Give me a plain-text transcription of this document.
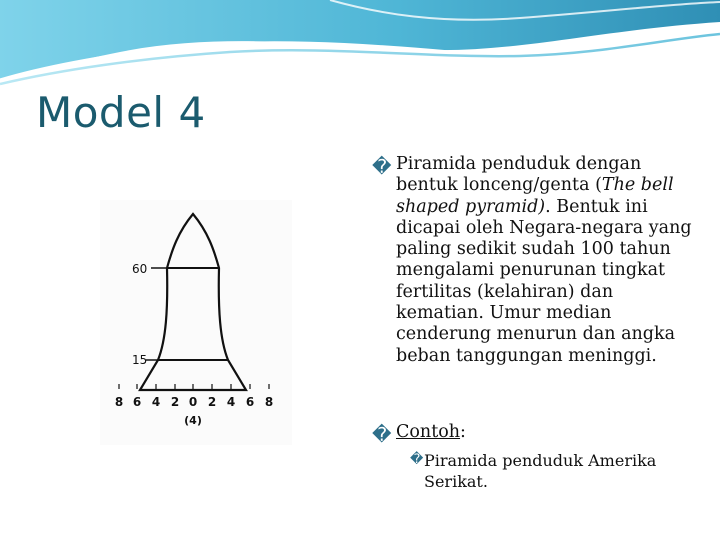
Model 4
60
15
8 6 4 2 0 2 4 6 8
(4)
� Piramida penduduk dengan bentuk lonceng/genta (The bell shaped pyramid). Bentuk ini dicapai oleh Negara-negara yang paling sedikit sudah 100 tahun mengalami penurunan tingkat fertilitas (kelahiran) dan kematian. Umur median cenderung menurun dan angka beban tanggungan meninggi.
� Contoh:
� Piramida penduduk Amerika Serikat.
